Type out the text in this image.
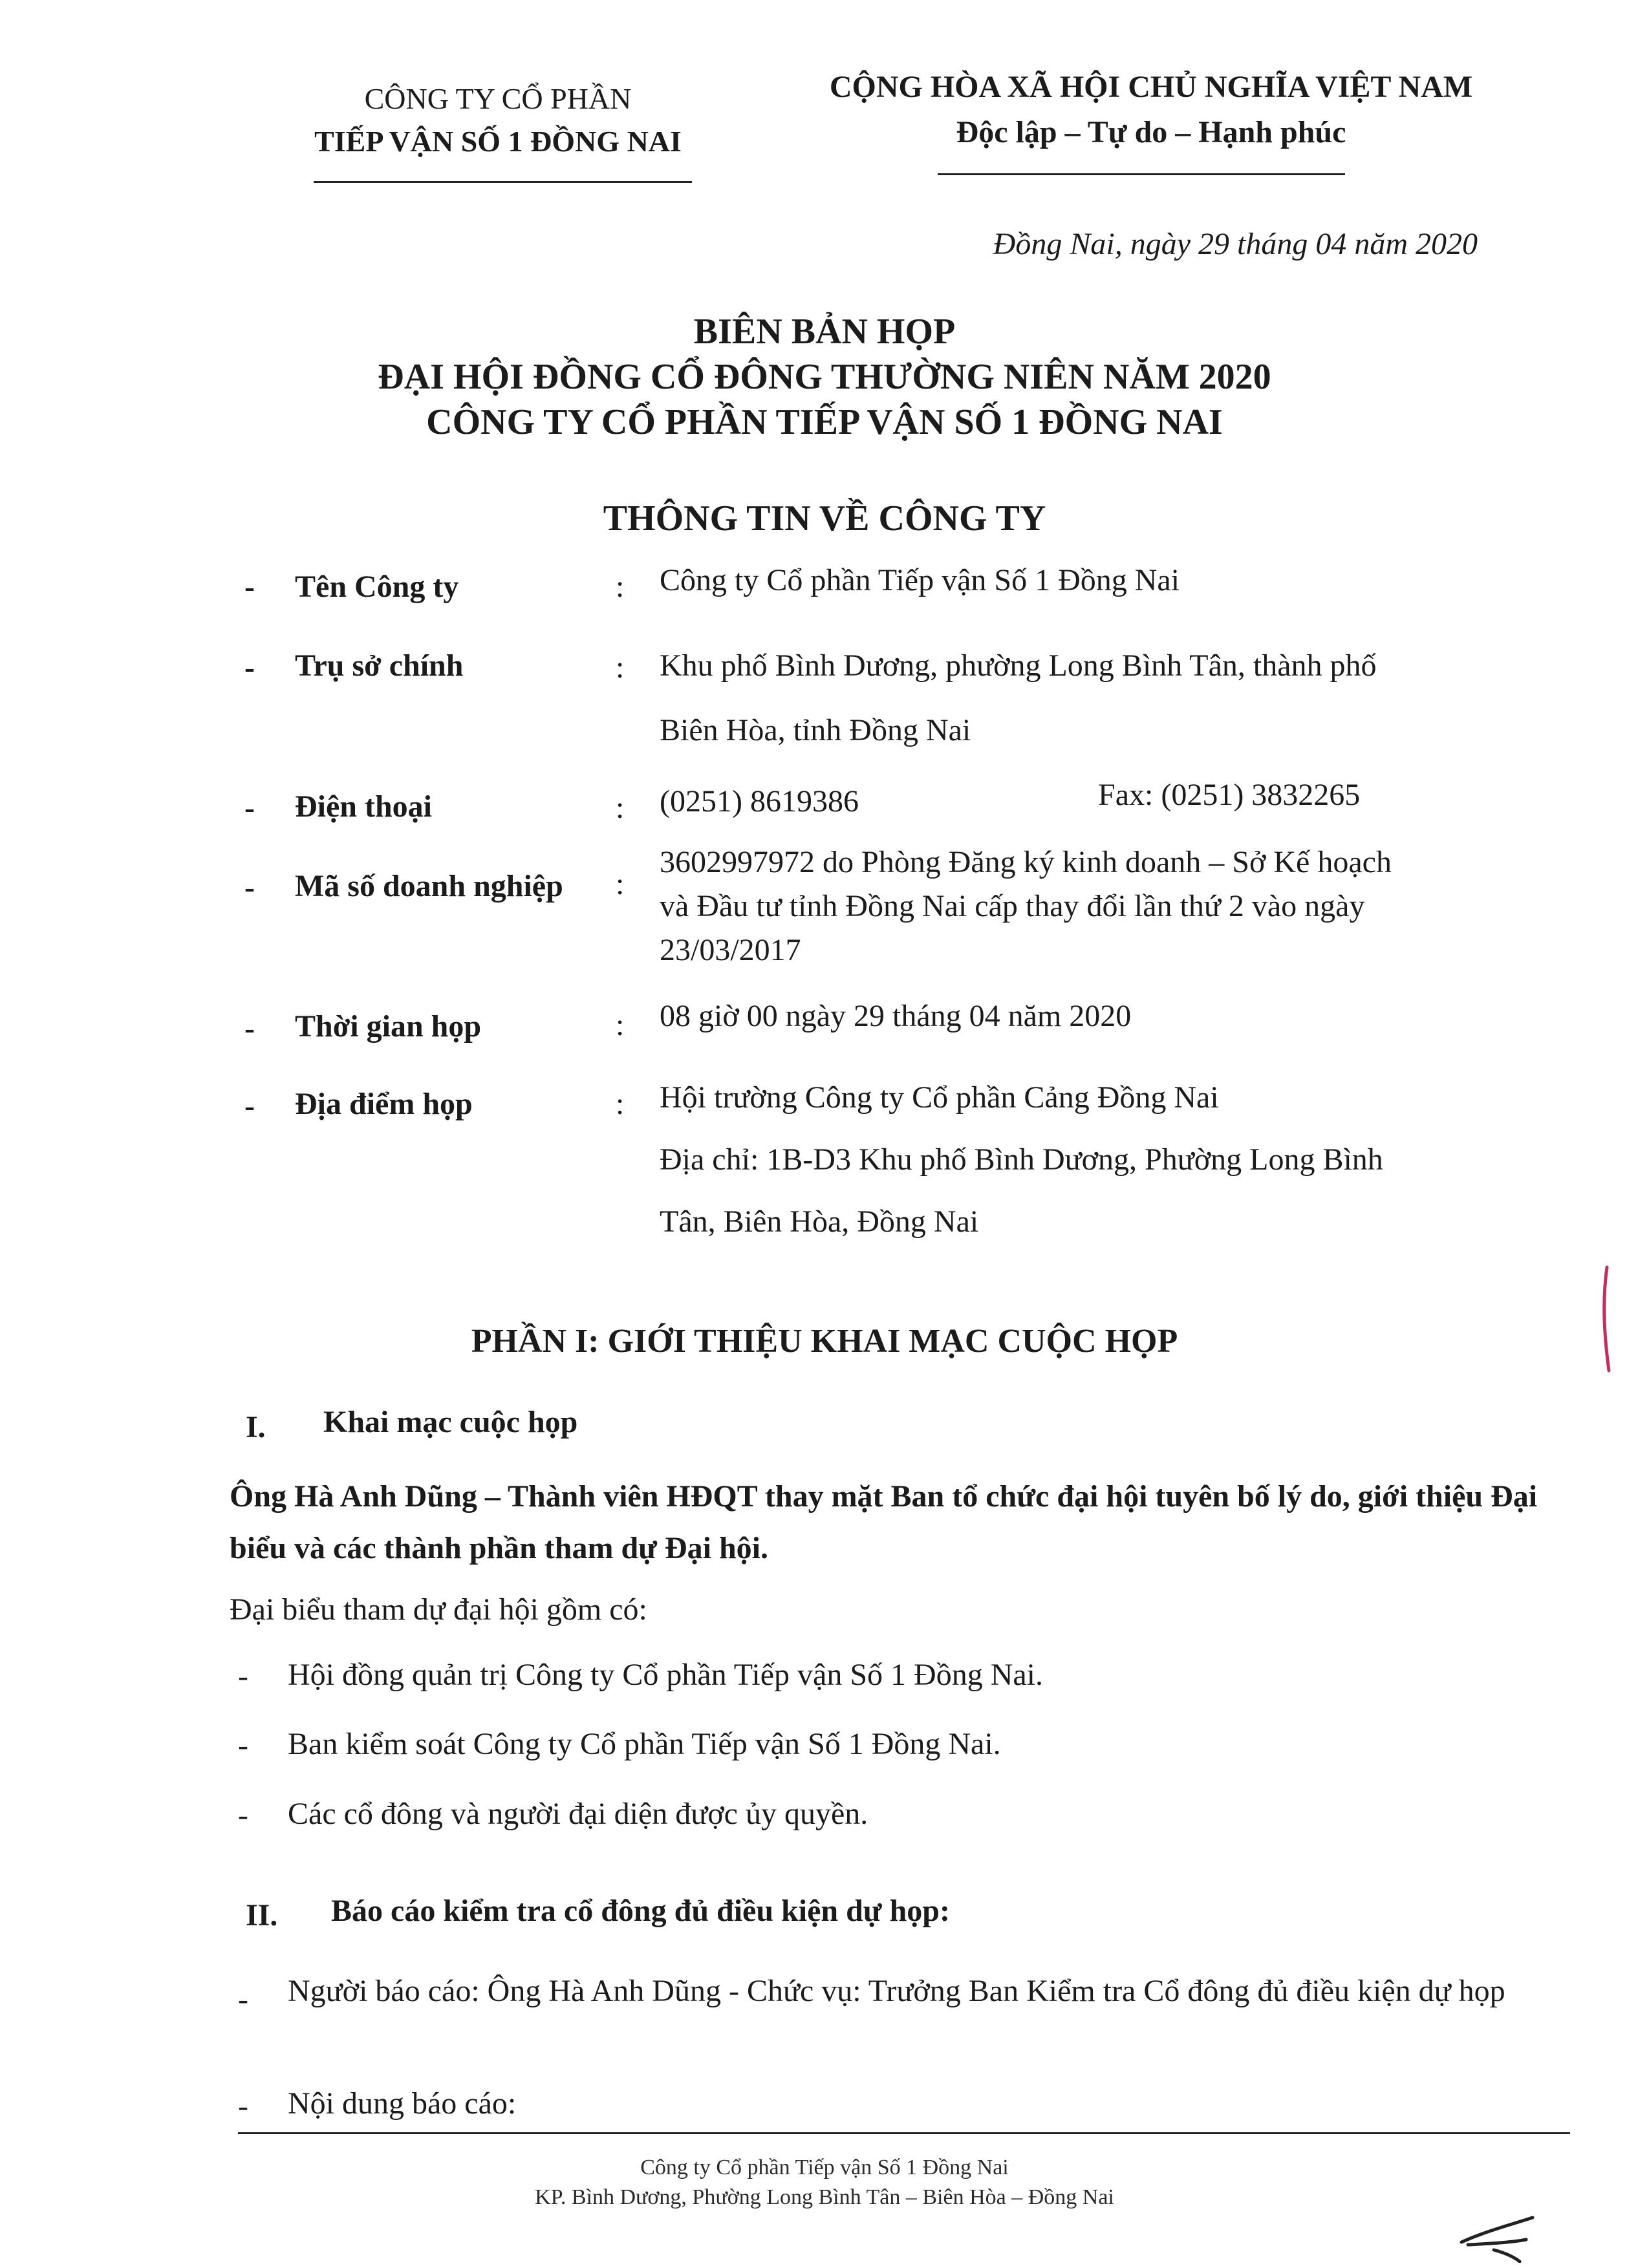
CÔNG TY CỔ PHẦN
TIẾP VẬN SỐ 1 ĐỒNG NAI
CỘNG HÒA XÃ HỘI CHỦ NGHĨA VIỆT NAM
Độc lập – Tự do – Hạnh phúc
Đồng Nai, ngày 29 tháng 04 năm 2020
BIÊN BẢN HỌP
ĐẠI HỘI ĐỒNG CỔ ĐÔNG THƯỜNG NIÊN NĂM 2020
CÔNG TY CỔ PHẦN TIẾP VẬN SỐ 1 ĐỒNG NAI
THÔNG TIN VỀ CÔNG TY
- Tên Công ty	: Công ty Cổ phần Tiếp vận Số 1 Đồng Nai
- Trụ sở chính	: Khu phố Bình Dương, phường Long Bình Tân, thành phố
Biên Hòa, tỉnh Đồng Nai
- Điện thoại	: (0251) 8619386	Fax: (0251) 3832265
- Mã số doanh nghiệp	:
3602997972 do Phòng Đăng ký kinh doanh – Sở Kế hoạch
và Đầu tư tỉnh Đồng Nai cấp thay đổi lần thứ 2 vào ngày
23/03/2017
- Thời gian họp	: 08 giờ 00 ngày 29 tháng 04 năm 2020
- Địa điểm họp	: Hội trường Công ty Cổ phần Cảng Đồng Nai
Địa chỉ: 1B-D3 Khu phố Bình Dương, Phường Long Bình
Tân, Biên Hòa, Đồng Nai
PHẦN I: GIỚI THIỆU KHAI MẠC CUỘC HỌP
I. Khai mạc cuộc họp
Ông Hà Anh Dũng – Thành viên HĐQT thay mặt Ban tổ chức đại hội tuyên bố lý do, giới thiệu Đại biểu và các thành phần tham dự Đại hội.
Đại biểu tham dự đại hội gồm có:
- Hội đồng quản trị Công ty Cổ phần Tiếp vận Số 1 Đồng Nai.
- Ban kiểm soát Công ty Cổ phần Tiếp vận Số 1 Đồng Nai.
- Các cổ đông và người đại diện được ủy quyền.
II. Báo cáo kiểm tra cổ đông đủ điều kiện dự họp:
- Người báo cáo: Ông Hà Anh Dũng - Chức vụ: Trưởng Ban Kiểm tra Cổ đông đủ điều kiện dự họp
- Nội dung báo cáo:
Công ty Cổ phần Tiếp vận Số 1 Đồng Nai
KP. Bình Dương, Phường Long Bình Tân – Biên Hòa – Đồng Nai
